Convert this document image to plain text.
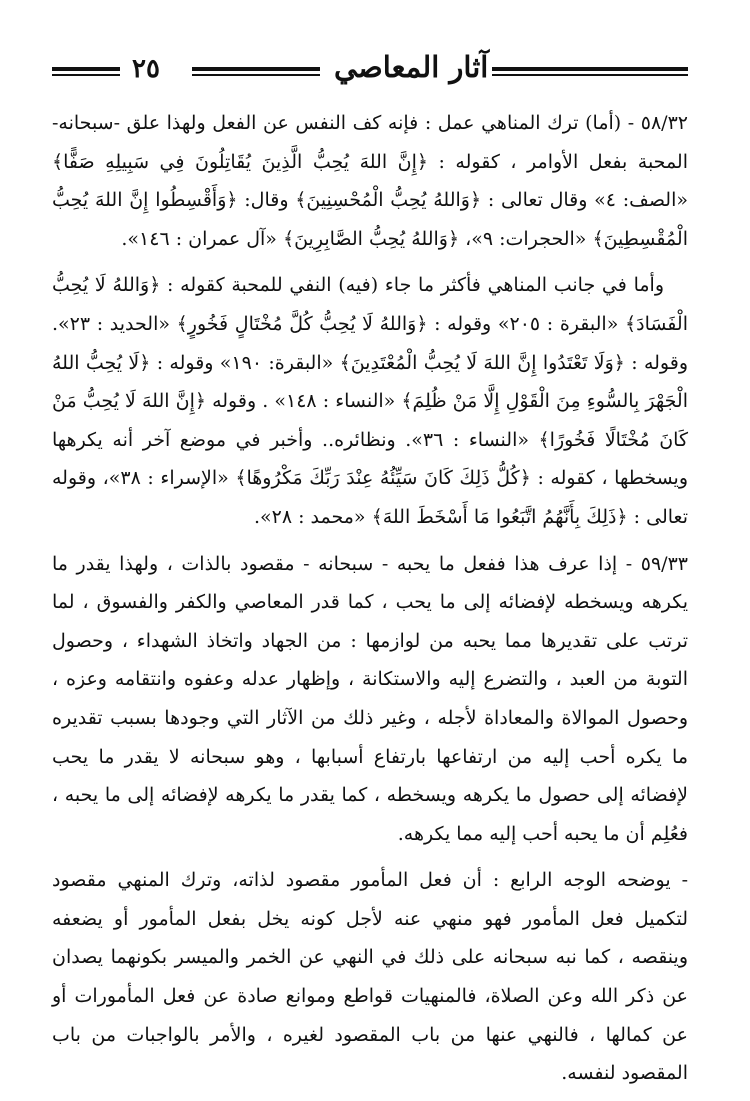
٢٥	آثار المعاصي

٥٨/٣٢ - (أما) ترك المناهي عمل : فإنه كف النفس عن الفعل ولهذا علق -سبحانه- المحبة بفعل الأوامر ، كقوله : ﴿إِنَّ اللهَ يُحِبُّ الَّذِينَ يُقَاتِلُونَ فِي سَبِيلِهِ صَفًّا﴾ «الصف: ٤» وقال تعالى : ﴿وَاللهُ يُحِبُّ الْمُحْسِنِينَ﴾ وقال: ﴿وَأَقْسِطُوا إِنَّ اللهَ يُحِبُّ الْمُقْسِطِينَ﴾ «الحجرات: ٩»، ﴿وَاللهُ يُحِبُّ الصَّابِرِينَ﴾ «آل عمران : ١٤٦».

وأما في جانب المناهي فأكثر ما جاء (فيه) النفي للمحبة كقوله : ﴿وَاللهُ لَا يُحِبُّ الْفَسَادَ﴾ «البقرة : ٢٠٥» وقوله : ﴿وَاللهُ لَا يُحِبُّ كُلَّ مُخْتَالٍ فَخُورٍ﴾ «الحديد : ٢٣». وقوله : ﴿وَلَا تَعْتَدُوا إِنَّ اللهَ لَا يُحِبُّ الْمُعْتَدِينَ﴾ «البقرة: ١٩٠» وقوله : ﴿لَا يُحِبُّ اللهُ الْجَهْرَ بِالسُّوءِ مِنَ الْقَوْلِ إِلَّا مَنْ ظُلِمَ﴾ «النساء : ١٤٨» . وقوله ﴿إِنَّ اللهَ لَا يُحِبُّ مَنْ كَانَ مُخْتَالًا فَخُورًا﴾ «النساء : ٣٦». ونظائره.. وأخبر في موضع آخر أنه يكرهها ويسخطها ، كقوله : ﴿كُلُّ ذَلِكَ كَانَ سَيِّئُهُ عِنْدَ رَبِّكَ مَكْرُوهًا﴾ «الإسراء : ٣٨»، وقوله تعالى : ﴿ذَلِكَ بِأَنَّهُمُ اتَّبَعُوا مَا أَسْخَطَ اللهَ﴾ «محمد : ٢٨».

٥٩/٣٣ - إذا عرف هذا ففعل ما يحبه - سبحانه - مقصود بالذات ، ولهذا يقدر ما يكرهه ويسخطه لإفضائه إلى ما يحب ، كما قدر المعاصي والكفر والفسوق ، لما ترتب على تقديرها مما يحبه من لوازمها : من الجهاد واتخاذ الشهداء ، وحصول التوبة من العبد ، والتضرع إليه والاستكانة ، وإظهار عدله وعفوه وانتقامه وعزه ، وحصول الموالاة والمعاداة لأجله ، وغير ذلك من الآثار التي وجودها بسبب تقديره ما يكره أحب إليه من ارتفاعها بارتفاع أسبابها ، وهو سبحانه لا يقدر ما يحب لإفضائه إلى حصول ما يكرهه ويسخطه ، كما يقدر ما يكرهه لإفضائه إلى ما يحبه ، فعُلِم أن ما يحبه أحب إليه مما يكرهه.

- يوضحه الوجه الرابع : أن فعل المأمور مقصود لذاته، وترك المنهي مقصود لتكميل فعل المأمور فهو منهي عنه لأجل كونه يخل بفعل المأمور أو يضعفه وينقصه ، كما نبه سبحانه على ذلك في النهي عن الخمر والميسر بكونهما يصدان عن ذكر الله وعن الصلاة، فالمنهيات قواطع وموانع صادة عن فعل المأمورات أو عن كمالها ، فالنهي عنها من باب المقصود لغيره ، والأمر بالواجبات من باب المقصود لنفسه.
